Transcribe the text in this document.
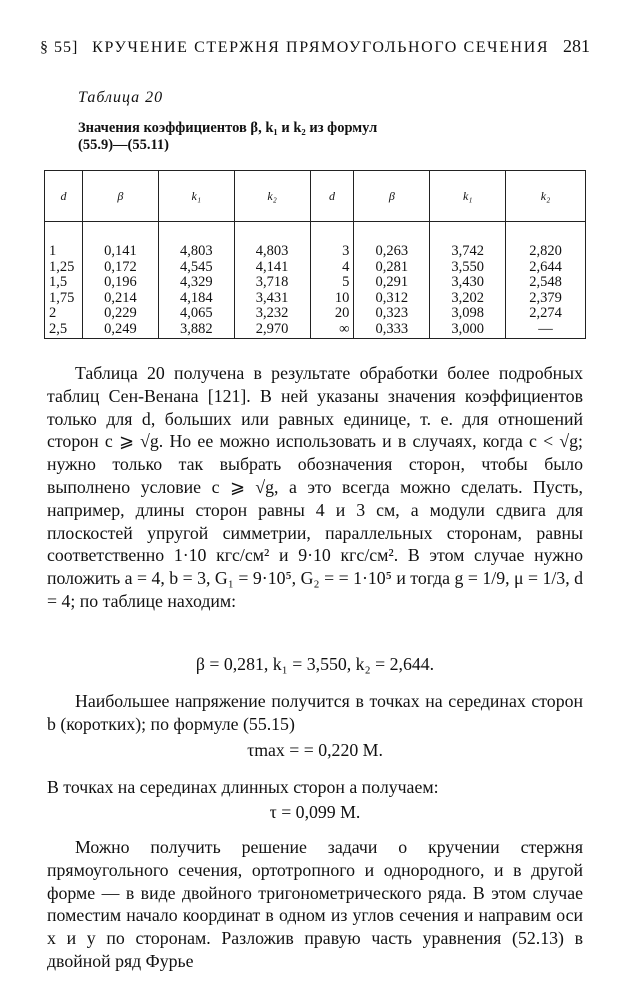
§ 55] КРУЧЕНИЕ СТЕРЖНЯ ПРЯМОУГОЛЬНОГО СЕЧЕНИЯ 281
Таблица 20
Значения коэффициентов β, k₁ и k₂ из формул
(55.9)—(55.11)
d	β	k₁	k₂	d	β	k₁	k₂

1	0,141	4,803	4,803	3	0,263	3,742	2,820
1,25	0,172	4,545	4,141	4	0,281	3,550	2,644
1,5	0,196	4,329	3,718	5	0,291	3,430	2,548
1,75	0,214	4,184	3,431	10	0,312	3,202	2,379
2	0,229	4,065	3,232	20	0,323	3,098	2,274
2,5	0,249	3,882	2,970	∞	0,333	3,000	—

Таблица 20 получена в результате обработки более подробных таблиц Сен-Венана [121]. В ней указаны значения коэффициентов только для d, больших или равных единице, т. е. для отношений сторон c ⩾ √g. Но ее можно использовать и в случаях, когда c < √g; нужно только так выбрать обозначения сторон, чтобы было выполнено условие c ⩾ √g, а это всегда можно сделать. Пусть, например, длины сторон равны 4 и 3 см, а модули сдвига для плоскостей упругой симметрии, параллельных сторонам, равны соответственно 1·10 кгс/см² и 9·10 кгс/см². В этом случае нужно положить a = 4, b = 3, G₁ = 9·10⁵, G₂ = = 1·10⁵ и тогда g = 1/9, μ = 1/3, d = 4; по таблице находим:

β = 0,281, k₁ = 3,550, k₂ = 2,644.

Наибольшее напряжение получится в точках на серединах сторон b (коротких); по формуле (55.15)

τmax = = 0,220 M.

В точках на серединах длинных сторон a получаем:

τ = 0,099 M.

Можно получить решение задачи о кручении стержня прямоугольного сечения, ортотропного и однородного, и в другой форме — в виде двойного тригонометрического ряда. В этом случае поместим начало координат в одном из углов сечения и направим оси x и y по сторонам. Разложив правую часть уравнения (52.13) в двойной ряд Фурье
